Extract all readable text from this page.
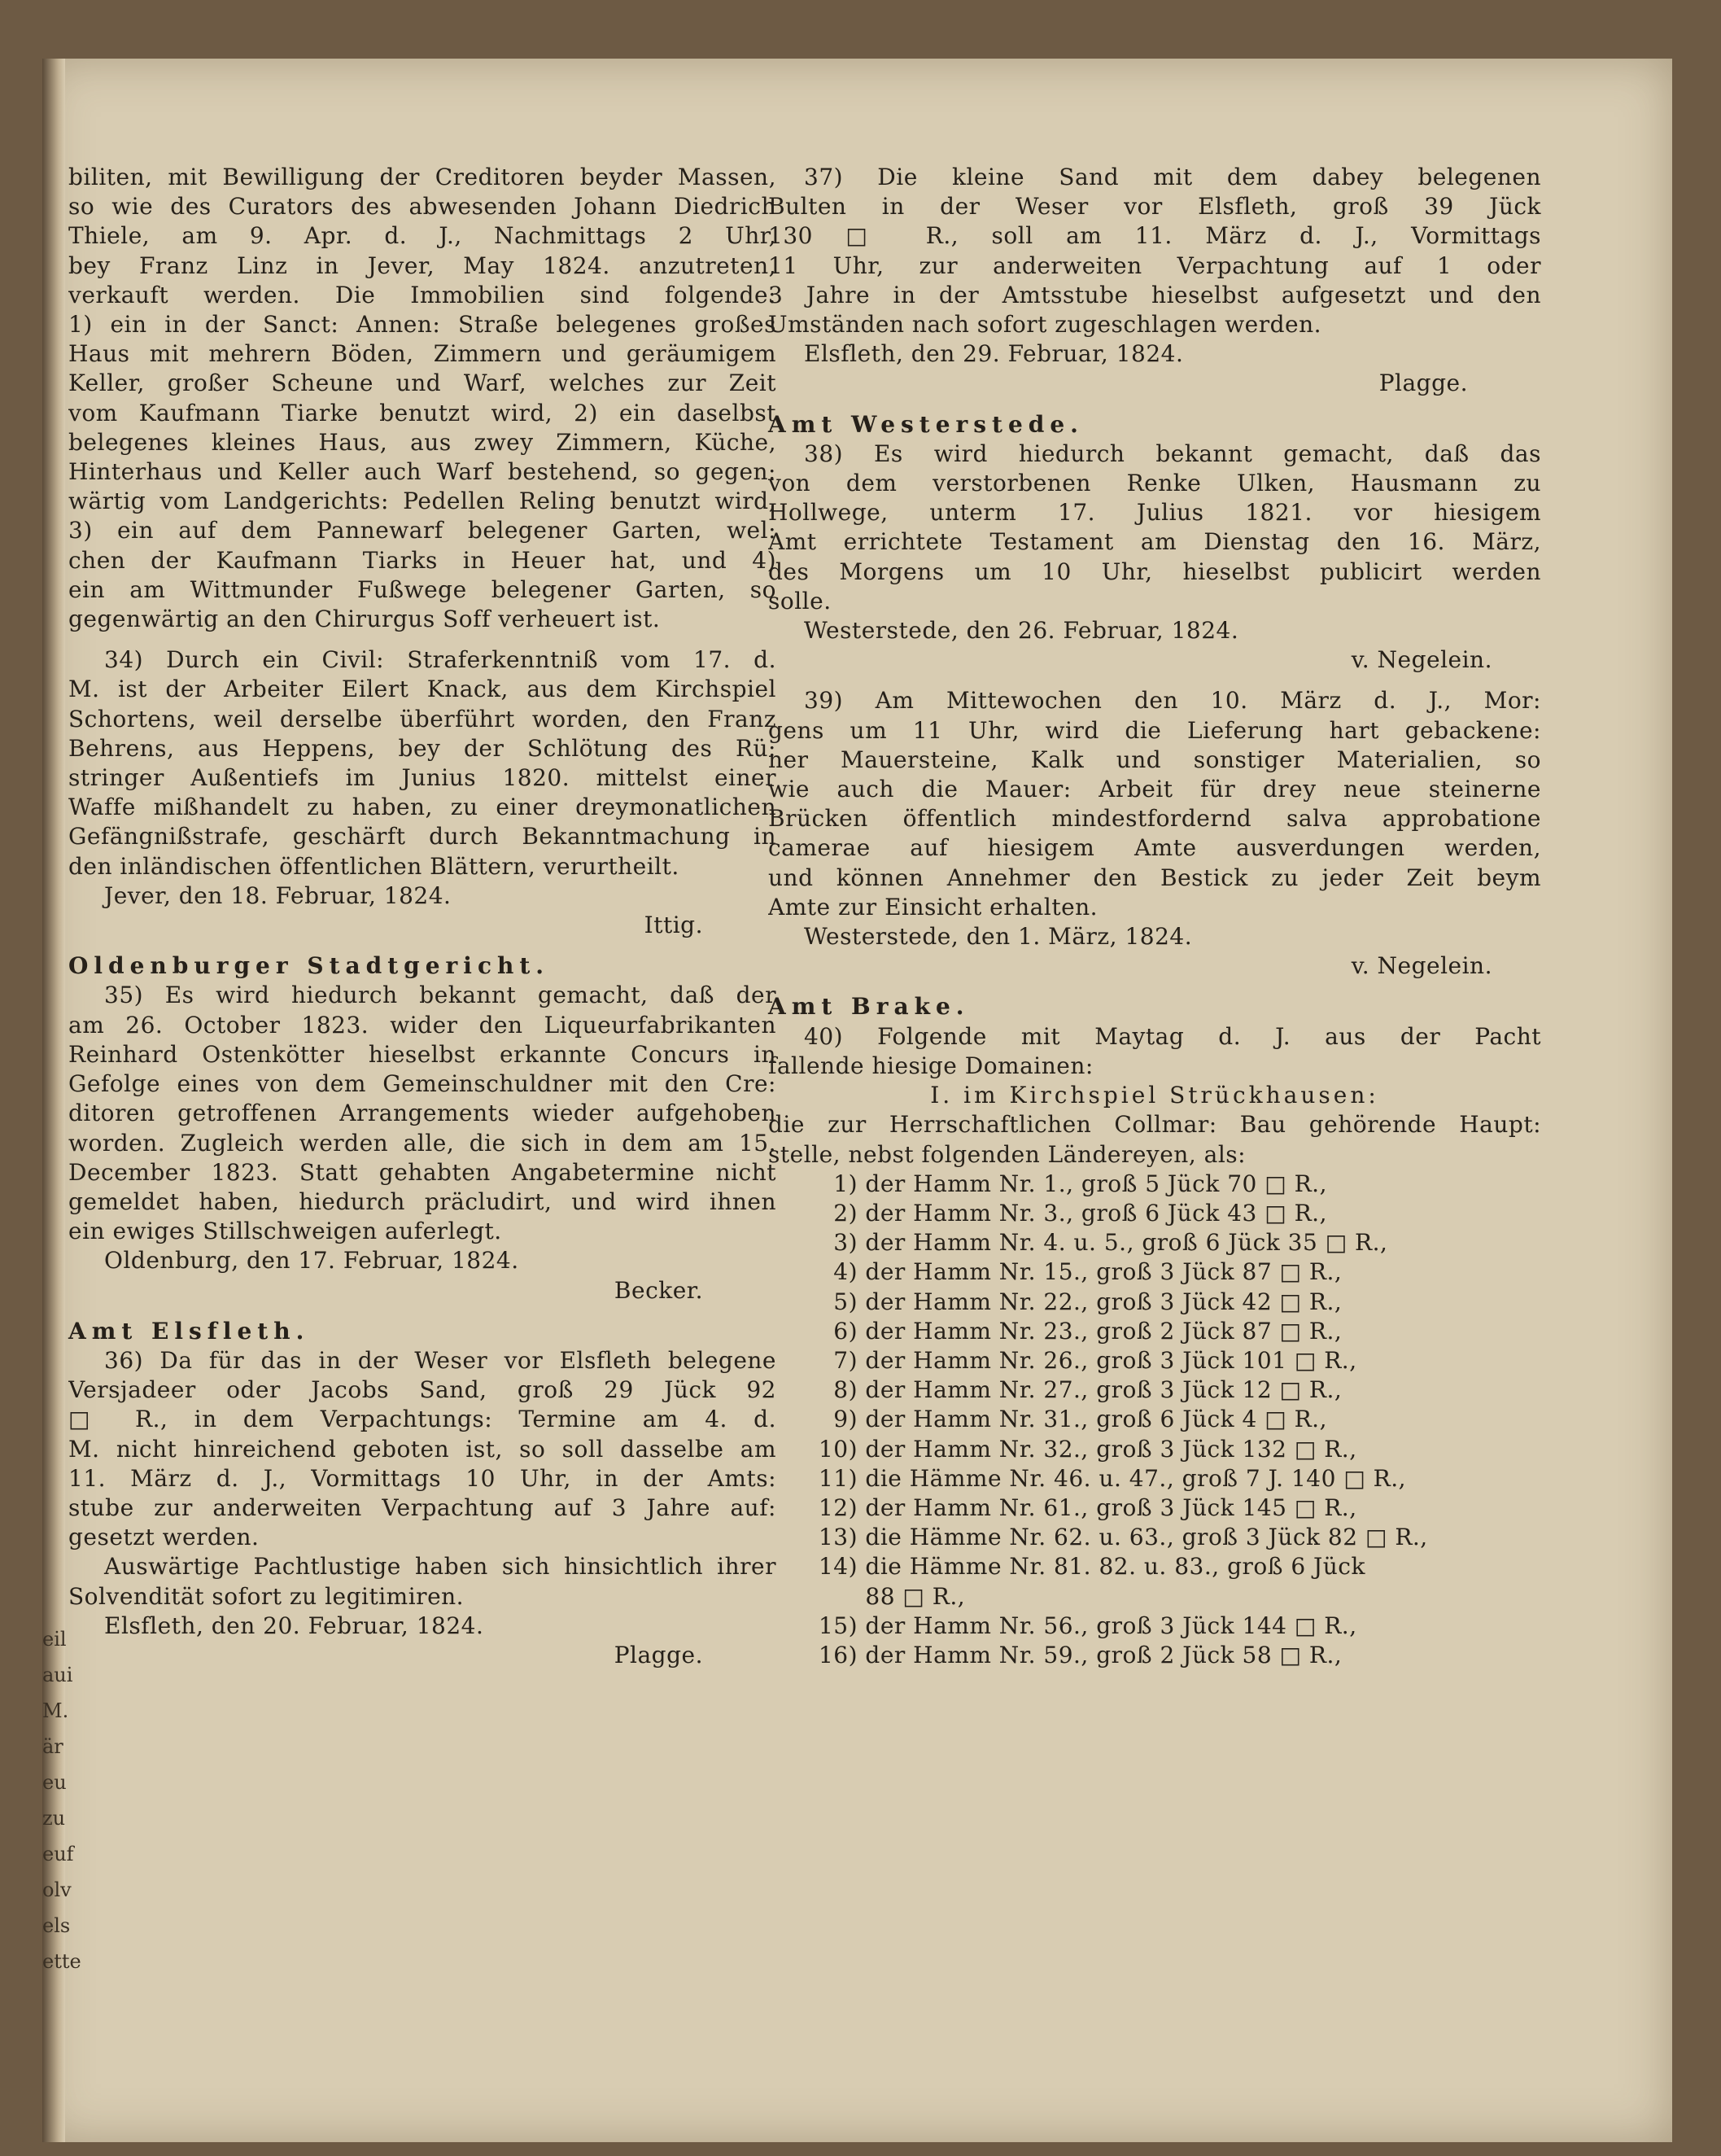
eil
aui
M.
är
eu
zu
euf
olv
els
ette
biliten, mit Bewilligung der Creditoren beyder Massen,
so wie des Curators des abwesenden Johann Diedrich
Thiele, am 9. Apr. d. J., Nachmittags 2 Uhr,
bey Franz Linz in Jever, May 1824. anzutreten,
verkauft werden. Die Immobilien sind folgende:
1) ein in der Sanct: Annen: Straße belegenes großes
Haus mit mehrern Böden, Zimmern und geräumigem
Keller, großer Scheune und Warf, welches zur Zeit
vom Kaufmann Tiarke benutzt wird, 2) ein daselbst
belegenes kleines Haus, aus zwey Zimmern, Küche,
Hinterhaus und Keller auch Warf bestehend, so gegen:
wärtig vom Landgerichts: Pedellen Reling benutzt wird,
3) ein auf dem Pannewarf belegener Garten, wel:
chen der Kaufmann Tiarks in Heuer hat, und 4)
ein am Wittmunder Fußwege belegener Garten, so
gegenwärtig an den Chirurgus Soff verheuert ist.

34) Durch ein Civil: Straferkenntniß vom 17. d.
M. ist der Arbeiter Eilert Knack, aus dem Kirchspiel
Schortens, weil derselbe überführt worden, den Franz
Behrens, aus Heppens, bey der Schlötung des Rü:
stringer Außentiefs im Junius 1820. mittelst einer
Waffe mißhandelt zu haben, zu einer dreymonatlichen
Gefängnißstrafe, geschärft durch Bekanntmachung in
den inländischen öffentlichen Blättern, verurtheilt.
Jever, den 18. Februar, 1824.
Ittig.
Oldenburger Stadtgericht.
35) Es wird hiedurch bekannt gemacht, daß der
am 26. October 1823. wider den Liqueurfabrikanten
Reinhard Ostenkötter hieselbst erkannte Concurs in
Gefolge eines von dem Gemeinschuldner mit den Cre:
ditoren getroffenen Arrangements wieder aufgehoben
worden. Zugleich werden alle, die sich in dem am 15.
December 1823. Statt gehabten Angabetermine nicht
gemeldet haben, hiedurch präcludirt, und wird ihnen
ein ewiges Stillschweigen auferlegt.
Oldenburg, den 17. Februar, 1824.
Becker.
Amt Elsfleth.
36) Da für das in der Weser vor Elsfleth belegene
Versjadeer oder Jacobs Sand, groß 29 Jück 92
□ R., in dem Verpachtungs: Termine am 4. d.
M. nicht hinreichend geboten ist, so soll dasselbe am
11. März d. J., Vormittags 10 Uhr, in der Amts:
stube zur anderweiten Verpachtung auf 3 Jahre auf:
gesetzt werden.
Auswärtige Pachtlustige haben sich hinsichtlich ihrer
Solvendität sofort zu legitimiren.
Elsfleth, den 20. Februar, 1824.
Plagge.
37) Die kleine Sand mit dem dabey belegenen
Bulten in der Weser vor Elsfleth, groß 39 Jück
130 □ R., soll am 11. März d. J., Vormittags
11 Uhr, zur anderweiten Verpachtung auf 1 oder
3 Jahre in der Amtsstube hieselbst aufgesetzt und den
Umständen nach sofort zugeschlagen werden.
Elsfleth, den 29. Februar, 1824.
Plagge.
Amt Westerstede.
38) Es wird hiedurch bekannt gemacht, daß das
von dem verstorbenen Renke Ulken, Hausmann zu
Hollwege, unterm 17. Julius 1821. vor hiesigem
Amt errichtete Testament am Dienstag den 16. März,
des Morgens um 10 Uhr, hieselbst publicirt werden
solle.
Westerstede, den 26. Februar, 1824.
v. Negelein.

39) Am Mittewochen den 10. März d. J., Mor:
gens um 11 Uhr, wird die Lieferung hart gebackene:
ner Mauersteine, Kalk und sonstiger Materialien, so
wie auch die Mauer: Arbeit für drey neue steinerne
Brücken öffentlich mindestfordernd salva approbatione
camerae auf hiesigem Amte ausverdungen werden,
und können Annehmer den Bestick zu jeder Zeit beym
Amte zur Einsicht erhalten.
Westerstede, den 1. März, 1824.
v. Negelein.
Amt Brake.
40) Folgende mit Maytag d. J. aus der Pacht
fallende hiesige Domainen:
I. im Kirchspiel Strückhausen:
die zur Herrschaftlichen Collmar: Bau gehörende Haupt:
stelle, nebst folgenden Ländereyen, als:
1) der Hamm Nr. 1., groß 5 Jück 70 □ R.,
2) der Hamm Nr. 3., groß 6 Jück 43 □ R.,
3) der Hamm Nr. 4. u. 5., groß 6 Jück 35 □ R.,
4) der Hamm Nr. 15., groß 3 Jück 87 □ R.,
5) der Hamm Nr. 22., groß 3 Jück 42 □ R.,
6) der Hamm Nr. 23., groß 2 Jück 87 □ R.,
7) der Hamm Nr. 26., groß 3 Jück 101 □ R.,
8) der Hamm Nr. 27., groß 3 Jück 12 □ R.,
9) der Hamm Nr. 31., groß 6 Jück 4 □ R.,
10) der Hamm Nr. 32., groß 3 Jück 132 □ R.,
11) die Hämme Nr. 46. u. 47., groß 7 J. 140 □ R.,
12) der Hamm Nr. 61., groß 3 Jück 145 □ R.,
13) die Hämme Nr. 62. u. 63., groß 3 Jück 82 □ R.,
14) die Hämme Nr. 81. 82. u. 83., groß 6 Jück
88 □ R.,
15) der Hamm Nr. 56., groß 3 Jück 144 □ R.,
16) der Hamm Nr. 59., groß 2 Jück 58 □ R.,
